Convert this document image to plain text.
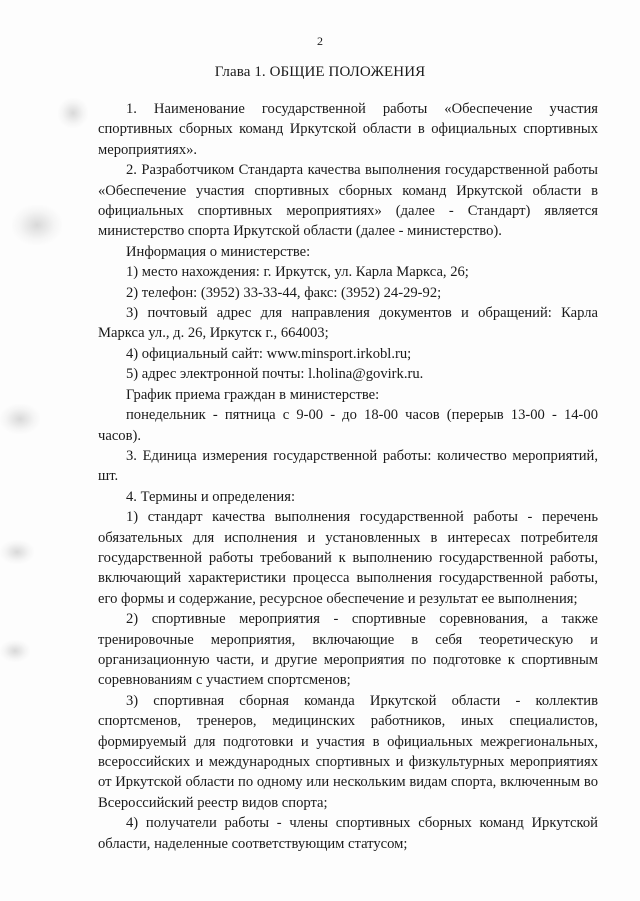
2
Глава 1. ОБЩИЕ ПОЛОЖЕНИЯ

1. Наименование государственной работы «Обеспечение участия спортивных сборных команд Иркутской области в официальных спортивных мероприятиях».

2. Разработчиком Стандарта качества выполнения государственной работы «Обеспечение участия спортивных сборных команд Иркутской области в официальных спортивных мероприятиях» (далее - Стандарт) является министерство спорта Иркутской области (далее - министерство).

Информация о министерстве:

1) место нахождения: г. Иркутск, ул. Карла Маркса, 26;

2) телефон: (3952) 33-33-44, факс: (3952) 24-29-92;

3) почтовый адрес для направления документов и обращений: Карла Маркса ул., д. 26, Иркутск г., 664003;

4) официальный сайт: www.minsport.irkobl.ru;

5) адрес электронной почты: l.holina@govirk.ru.

График приема граждан в министерстве:

понедельник - пятница с 9-00 - до 18-00 часов (перерыв 13-00 - 14-00 часов).

3. Единица измерения государственной работы: количество мероприятий, шт.

4. Термины и определения:

1) стандарт качества выполнения государственной работы - перечень обязательных для исполнения и установленных в интересах потребителя государственной работы требований к выполнению государственной работы, включающий характеристики процесса выполнения государственной работы, его формы и содержание, ресурсное обеспечение и результат ее выполнения;

2) спортивные мероприятия - спортивные соревнования, а также тренировочные мероприятия, включающие в себя теоретическую и организационную части, и другие мероприятия по подготовке к спортивным соревнованиям с участием спортсменов;

3) спортивная сборная команда Иркутской области - коллектив спортсменов, тренеров, медицинских работников, иных специалистов, формируемый для подготовки и участия в официальных межрегиональных, всероссийских и международных спортивных и физкультурных мероприятиях от Иркутской области по одному или нескольким видам спорта, включенным во Всероссийский реестр видов спорта;

4) получатели работы - члены спортивных сборных команд Иркутской области, наделенные соответствующим статусом;
